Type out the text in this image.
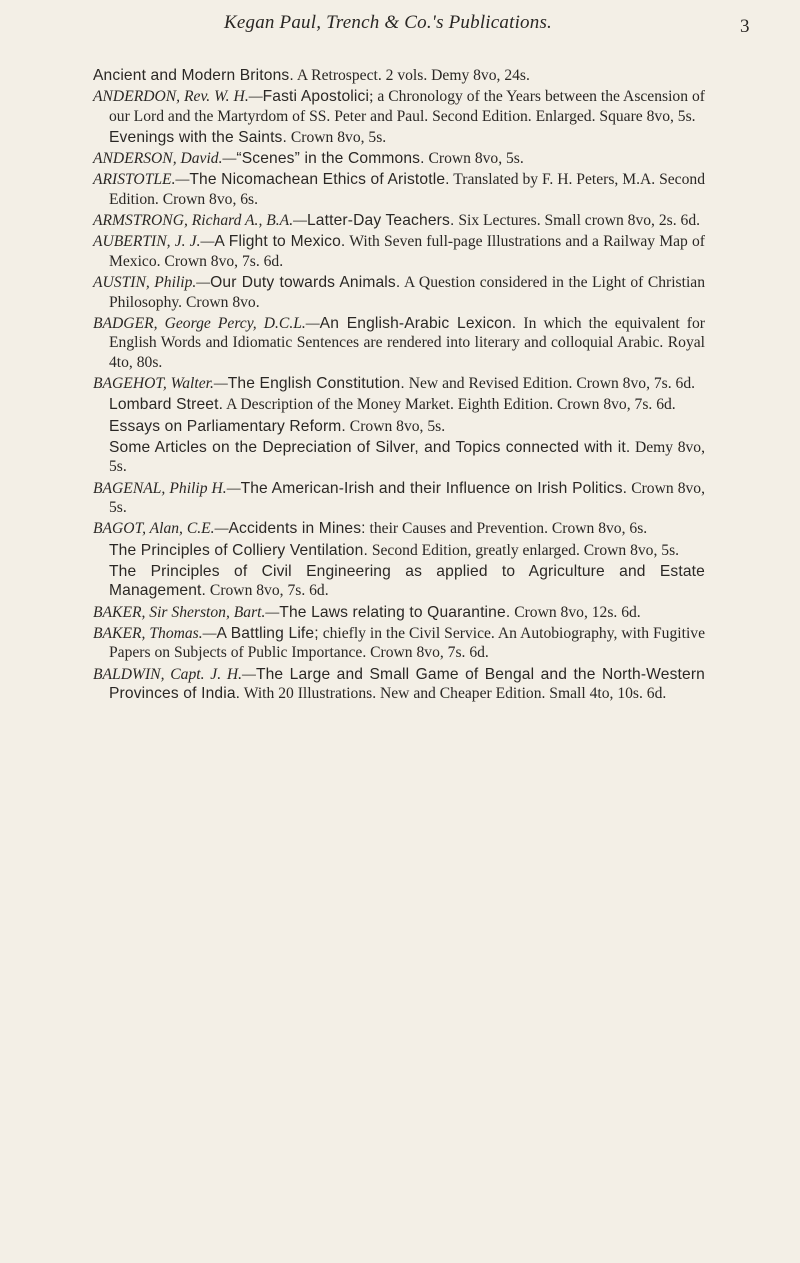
Kegan Paul, Trench & Co.'s Publications.	3

Ancient and Modern Britons. A Retrospect. 2 vols. Demy 8vo, 24s.

ANDERDON, Rev. W. H.—Fasti Apostolici; a Chronology of the Years between the Ascension of our Lord and the Martyrdom of SS. Peter and Paul. Second Edition. Enlarged. Square 8vo, 5s.

Evenings with the Saints. Crown 8vo, 5s.

ANDERSON, David.—“Scenes” in the Commons. Crown 8vo, 5s.

ARISTOTLE.—The Nicomachean Ethics of Aristotle. Translated by F. H. Peters, M.A. Second Edition. Crown 8vo, 6s.

ARMSTRONG, Richard A., B.A.—Latter-Day Teachers. Six Lectures. Small crown 8vo, 2s. 6d.

AUBERTIN, J. J.—A Flight to Mexico. With Seven full-page Illustrations and a Railway Map of Mexico. Crown 8vo, 7s. 6d.

AUSTIN, Philip.—Our Duty towards Animals. A Question considered in the Light of Christian Philosophy. Crown 8vo.

BADGER, George Percy, D.C.L.—An English-Arabic Lexicon. In which the equivalent for English Words and Idiomatic Sentences are rendered into literary and colloquial Arabic. Royal 4to, 80s.

BAGEHOT, Walter.—The English Constitution. New and Revised Edition. Crown 8vo, 7s. 6d.

Lombard Street. A Description of the Money Market. Eighth Edition. Crown 8vo, 7s. 6d.

Essays on Parliamentary Reform. Crown 8vo, 5s.

Some Articles on the Depreciation of Silver, and Topics connected with it. Demy 8vo, 5s.

BAGENAL, Philip H.—The American-Irish and their Influence on Irish Politics. Crown 8vo, 5s.

BAGOT, Alan, C.E.—Accidents in Mines: their Causes and Prevention. Crown 8vo, 6s.

The Principles of Colliery Ventilation. Second Edition, greatly enlarged. Crown 8vo, 5s.

The Principles of Civil Engineering as applied to Agriculture and Estate Management. Crown 8vo, 7s. 6d.

BAKER, Sir Sherston, Bart.—The Laws relating to Quarantine. Crown 8vo, 12s. 6d.

BAKER, Thomas.—A Battling Life; chiefly in the Civil Service. An Autobiography, with Fugitive Papers on Subjects of Public Importance. Crown 8vo, 7s. 6d.

BALDWIN, Capt. J. H.—The Large and Small Game of Bengal and the North-Western Provinces of India. With 20 Illustrations. New and Cheaper Edition. Small 4to, 10s. 6d.
